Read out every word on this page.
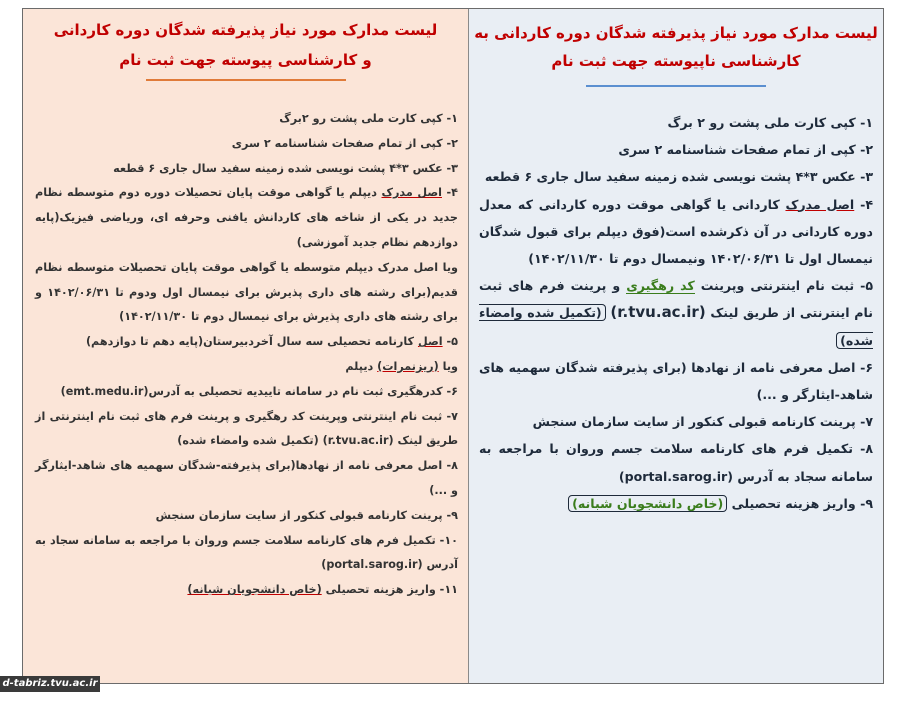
لیست مدارک مورد نیاز پذیرفته شدگان دوره کاردانی به
کارشناسی ناپیوسته جهت ثبت نام

۱- کپی کارت ملی پشت رو ۲ برگ

۲- کپی از تمام صفحات شناسنامه ۲ سری

۳- عکس ۳*۴ پشت نویسی شده زمینه سفید سال جاری ۶ قطعه

۴- اصل مدرک کاردانی یا گواهی موقت دوره کاردانی که معدل دوره کاردانی در آن ذکرشده است(فوق دیپلم برای قبول شدگان نیمسال اول تا ۱۴۰۲/۰۶/۳۱ ونیمسال دوم تا ۱۴۰۲/۱۱/۳۰)

۵- ثبت نام اینترنتی وپرینت کد رهگیری و پرینت فرم های ثبت نام اینترنتی از طریق لینک (r.tvu.ac.ir) (تکمیل شده وامضاء شده)

۶- اصل معرفی نامه از نهادها (برای پذیرفته شدگان سهمیه های شاهد-ایثارگر و ...)

۷- پرینت کارنامه قبولی کنکور از سایت سازمان سنجش

۸- تکمیل فرم های کارنامه سلامت جسم وروان با مراجعه به سامانه سجاد به آدرس (portal.sarog.ir)

۹- واریز هزینه تحصیلی (خاص دانشجویان شبانه)

لیست مدارک مورد نیاز پذیرفته شدگان دوره کاردانی
و کارشناسی پیوسته جهت ثبت نام

۱- کپی کارت ملی پشت رو ۲برگ

۲- کپی از تمام صفحات شناسنامه ۲ سری

۳- عکس ۳*۴ پشت نویسی شده زمینه سفید سال جاری ۶ قطعه

۴- اصل مدرک دیپلم یا گواهی موقت پایان تحصیلات دوره دوم متوسطه نظام جدید در یکی از شاخه های کاردانش یافنی وحرفه ای، وریاضی فیزیک(پایه دوازدهم نظام جدید آموزشی)

ویا اصل مدرک دیپلم متوسطه یا گواهی موقت پایان تحصیلات متوسطه نظام قدیم(برای رشته های داری پذیرش برای نیمسال اول ودوم تا ۱۴۰۲/۰۶/۳۱ و برای رشته های داری پذیرش برای نیمسال دوم تا ۱۴۰۲/۱۱/۳۰)

۵- اصل کارنامه تحصیلی سه سال آخردبیرستان(پایه دهم تا دوازدهم)

ویا (ریزنمرات) دیپلم

۶- کدرهگیری ثبت نام در سامانه تاییدیه تحصیلی به آدرس(emt.medu.ir)

۷- ثبت نام اینترنتی وپرینت کد رهگیری و پرینت فرم های ثبت نام اینترنتی از طریق لینک (r.tvu.ac.ir) (تکمیل شده وامضاء شده)

۸- اصل معرفی نامه از نهادها(برای پذیرفته-شدگان سهمیه های شاهد-ایثارگر و ...)

۹- پرینت کارنامه قبولی کنکور از سایت سازمان سنجش

۱۰- تکمیل فرم های کارنامه سلامت جسم وروان با مراجعه به سامانه سجاد به آدرس (portal.sarog.ir)

۱۱- واریز هزینه تحصیلی (خاص دانشجویان شبانه)

d-tabriz.tvu.ac.ir
